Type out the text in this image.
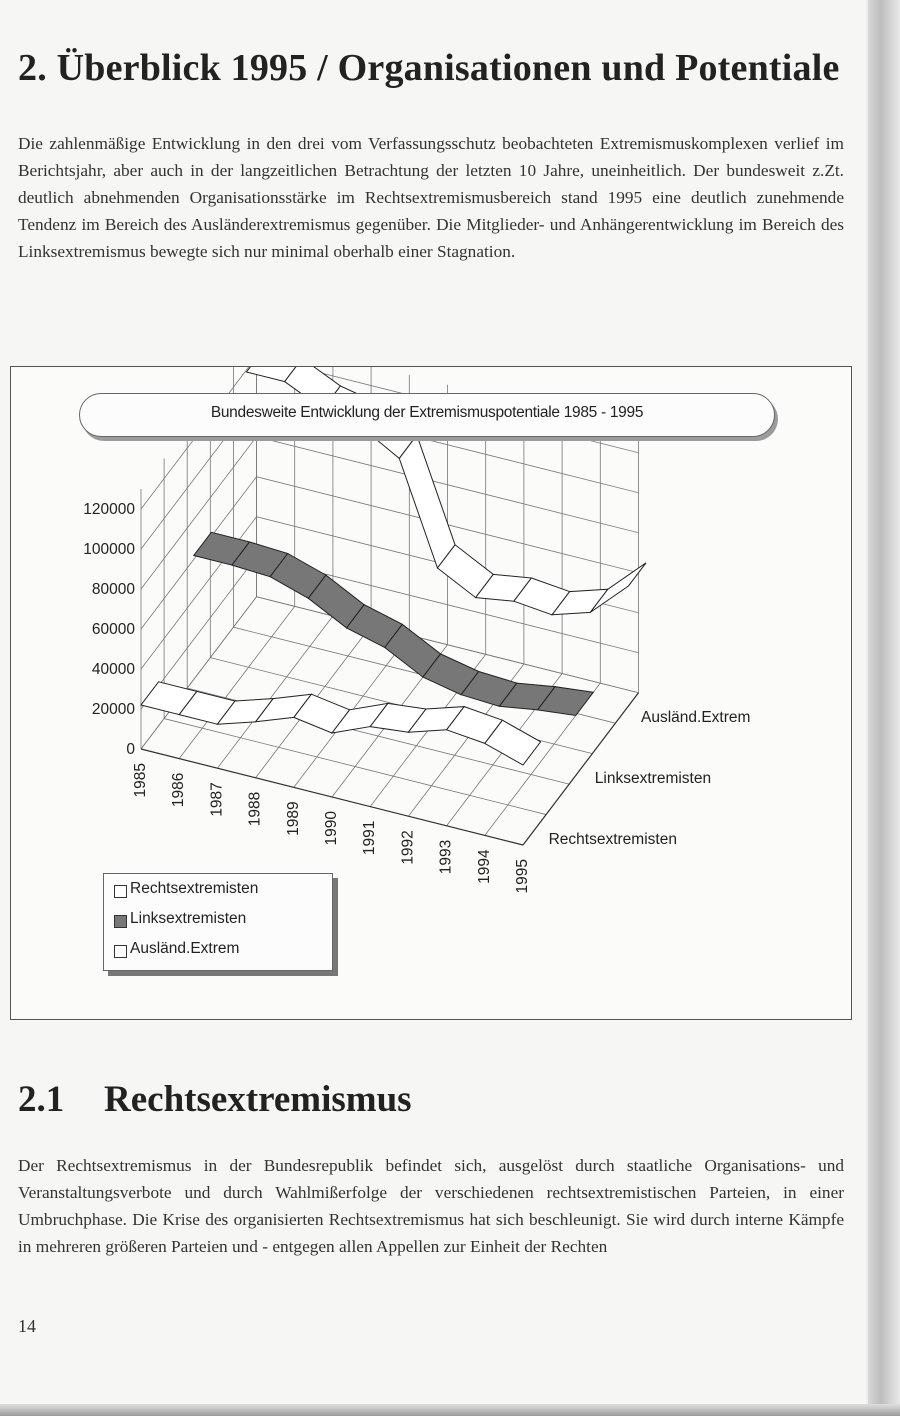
2. Überblick 1995 / Organisationen und Potentiale

Die zahlenmäßige Entwicklung in den drei vom Verfassungsschutz beobachteten Extremismuskomplexen verlief im Berichtsjahr, aber auch in der langzeitlichen Betrachtung der letzten 10 Jahre, uneinheitlich. Der bundesweit z.Zt. deutlich abnehmenden Organisationsstärke im Rechtsextremismusbereich stand 1995 eine deutlich zunehmende Tendenz im Bereich des Ausländerextremismus gegenüber. Die Mitglieder- und Anhängerentwicklung im Bereich des Linksextremismus bewegte sich nur minimal oberhalb einer Stagnation.

0
20000
40000
60000
80000
100000
120000
1985 1986 1987 1988 1989 1990 1991 1992 1993 1994 1995
Rechtsextremisten
Linksextremisten
Ausländ.Extrem
Bundesweite Entwicklung der Extremismuspotentiale 1985 - 1995
Rechtsextremisten
Linksextremisten
Ausländ.Extrem
2.1 Rechtsextremismus

Der Rechtsextremismus in der Bundesrepublik befindet sich, ausgelöst durch staatliche Organisations- und Veranstaltungsverbote und durch Wahlmißerfolge der verschiedenen rechtsextremistischen Parteien, in einer Umbruchphase. Die Krise des organisierten Rechtsextremismus hat sich beschleunigt. Sie wird durch interne Kämpfe in mehreren größeren Parteien und - entgegen allen Appellen zur Einheit der Rechten

14
